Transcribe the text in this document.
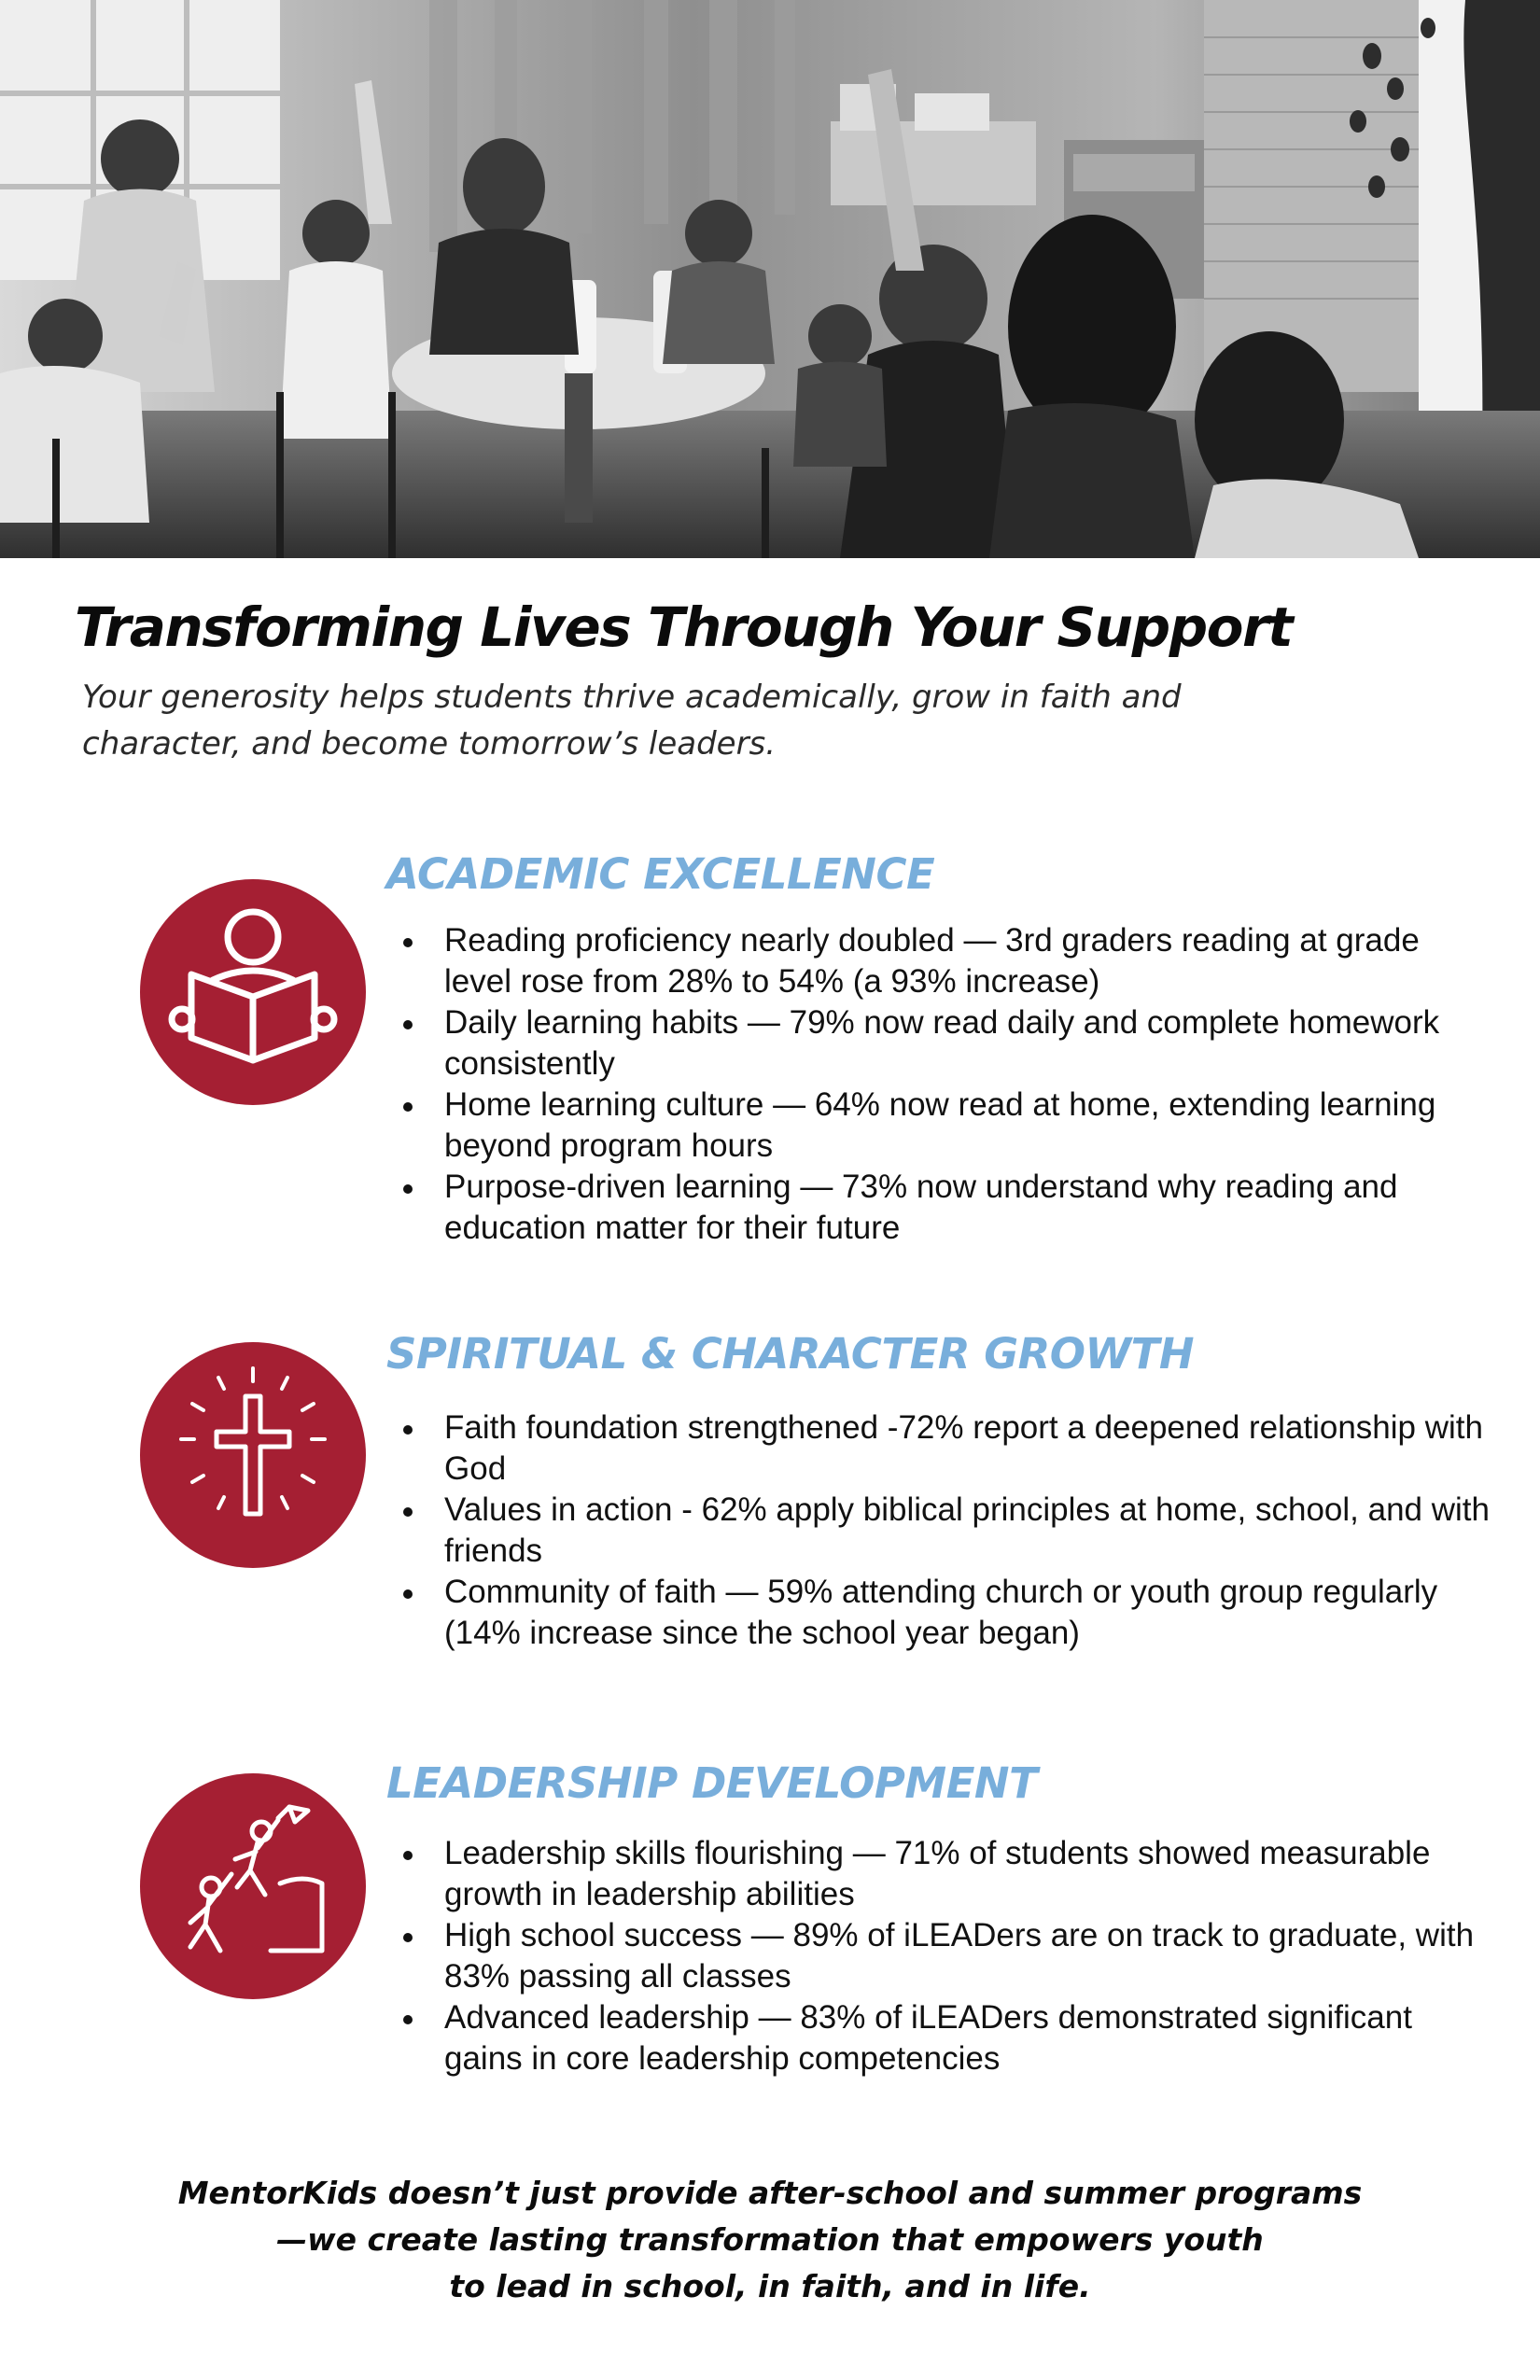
Transforming Lives Through Your Support

Your generosity helps students thrive academically, grow in faith and
character, and become tomorrow’s leaders.

ACADEMIC EXCELLENCE
Reading proficiency nearly doubled — 3rd graders reading at grade level rose from 28% to 54% (a 93% increase)
Daily learning habits — 79% now read daily and complete homework consistently
Home learning culture — 64% now read at home, extending learning beyond program hours
Purpose-driven learning — 73% now understand why reading and education matter for their future
SPIRITUAL & CHARACTER GROWTH
Faith foundation strengthened -72% report a deepened relationship with God
Values in action - 62% apply biblical principles at home, school, and with friends
Community of faith — 59% attending church or youth group regularly (14% increase since the school year began)
LEADERSHIP DEVELOPMENT
Leadership skills flourishing — 71% of students showed measurable growth in leadership abilities
High school success — 89% of iLEADers are on track to graduate, with 83% passing all classes
Advanced leadership — 83% of iLEADers demonstrated significant gains in core leadership competencies

MentorKids doesn’t just provide after-school and summer programs
—we create lasting transformation that empowers youth
to lead in school, in faith, and in life.
